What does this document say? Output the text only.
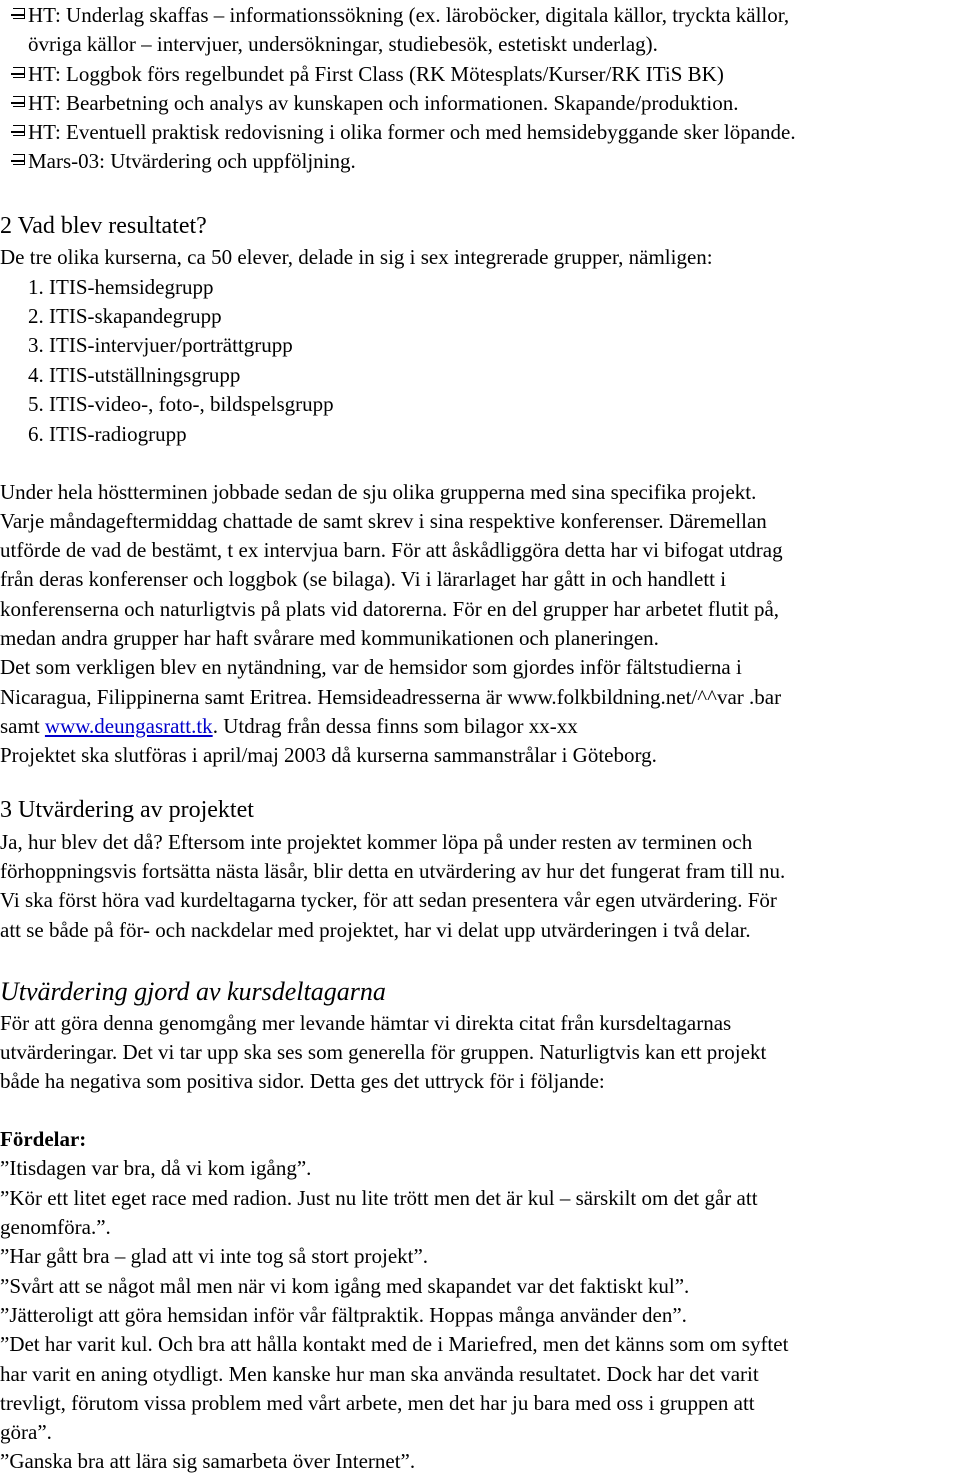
HT: Underlag skaffas – informationssökning (ex. läroböcker, digitala källor, tryckta källor,
övriga källor – intervjuer, undersökningar, studiebesök, estetiskt underlag).
HT: Loggbok förs regelbundet på First Class (RK Mötesplats/Kurser/RK ITiS BK)
HT: Bearbetning och analys av kunskapen och informationen. Skapande/produktion.
HT: Eventuell praktisk redovisning i olika former och med hemsidebyggande sker löpande.
Mars-03: Utvärdering och uppföljning.
2 Vad blev resultatet?
De tre olika kurserna, ca 50 elever, delade in sig i sex integrerade grupper, nämligen:
1. ITIS-hemsidegrupp
2. ITIS-skapandegrupp
3. ITIS-intervjuer/porträttgrupp
4. ITIS-utställningsgrupp
5. ITIS-video-, foto-, bildspelsgrupp
6. ITIS-radiogrupp
Under hela höstterminen jobbade sedan de sju olika grupperna med sina specifika projekt.
Varje måndageftermiddag chattade de samt skrev i sina respektive konferenser. Däremellan
utförde de vad de bestämt, t ex intervjua barn. För att åskådliggöra detta har vi bifogat utdrag
från deras konferenser och loggbok (se bilaga). Vi i lärarlaget har gått in och handlett i
konferenserna och naturligtvis på plats vid datorerna. För en del grupper har arbetet flutit på,
medan andra grupper har haft svårare med kommunikationen och planeringen.
Det som verkligen blev en nytändning, var de hemsidor som gjordes inför fältstudierna i
Nicaragua, Filippinerna samt Eritrea. Hemsideadresserna är www.folkbildning.net/^^var .bar
samt www.deungasratt.tk. Utdrag från dessa finns som bilagor xx-xx
Projektet ska slutföras i april/maj 2003 då kurserna sammanstrålar i Göteborg.
3 Utvärdering av projektet
Ja, hur blev det då? Eftersom inte projektet kommer löpa på under resten av terminen och
förhoppningsvis fortsätta nästa läsår, blir detta en utvärdering av hur det fungerat fram till nu.
Vi ska först höra vad kurdeltagarna tycker, för att sedan presentera vår egen utvärdering. För
att se både på för- och nackdelar med projektet, har vi delat upp utvärderingen i två delar.
Utvärdering gjord av kursdeltagarna
För att göra denna genomgång mer levande hämtar vi direkta citat från kursdeltagarnas
utvärderingar. Det vi tar upp ska ses som generella för gruppen. Naturligtvis kan ett projekt
både ha negativa som positiva sidor. Detta ges det uttryck för i följande:
Fördelar:
”Itisdagen var bra, då vi kom igång”.
”Kör ett litet eget race med radion. Just nu lite trött men det är kul – särskilt om det går att
genomföra.”.
”Har gått bra – glad att vi inte tog så stort projekt”.
”Svårt att se något mål men när vi kom igång med skapandet var det faktiskt kul”.
”Jätteroligt att göra hemsidan inför vår fältpraktik. Hoppas många använder den”.
”Det har varit kul. Och bra att hålla kontakt med de i Mariefred, men det känns som om syftet
har varit en aning otydligt. Men kanske hur man ska använda resultatet. Dock har det varit
trevligt, förutom vissa problem med vårt arbete, men det har ju bara med oss i gruppen att
göra”.
”Ganska bra att lära sig samarbeta över Internet”.
